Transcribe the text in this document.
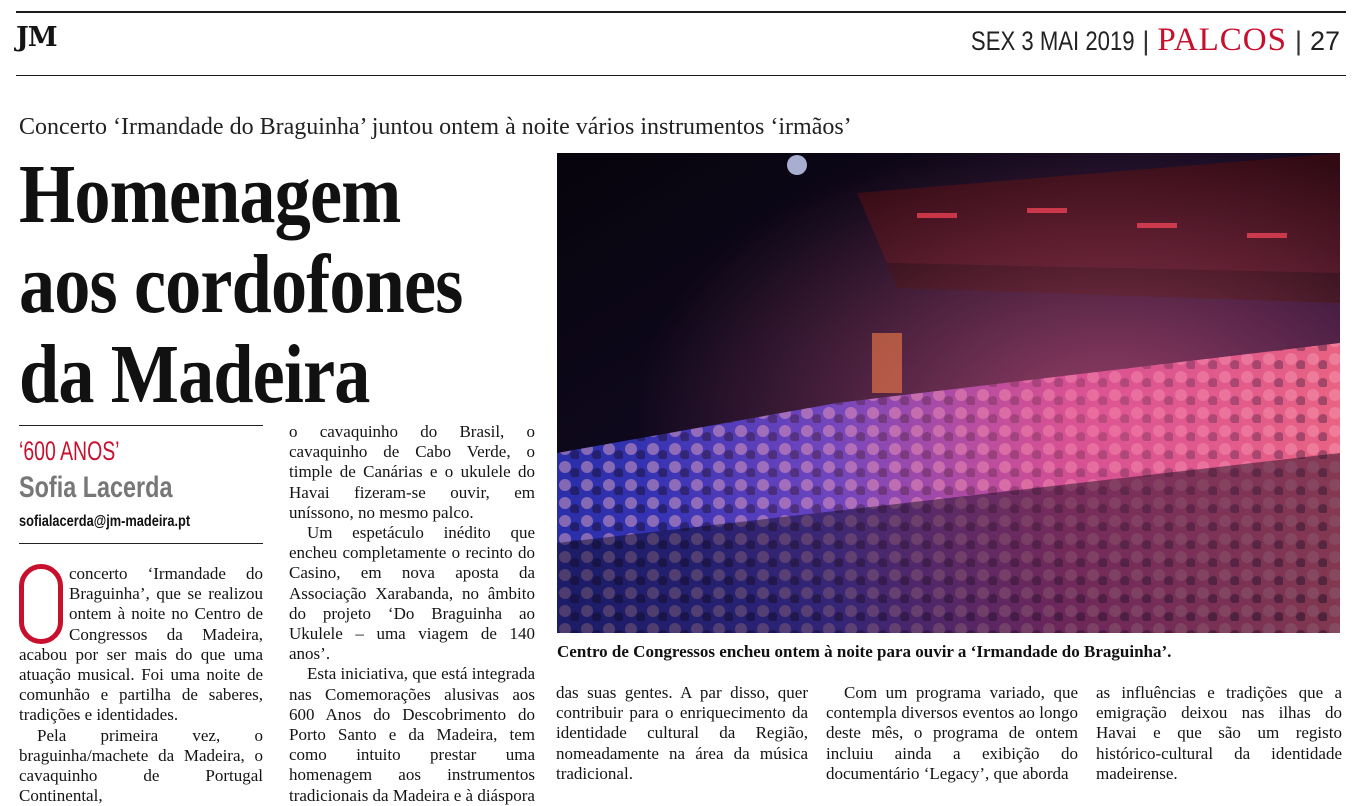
JM	SEX 3 MAI 2019 | PALCOS | 27
Concerto ‘Irmandade do Braguinha’ juntou ontem à noite vários instrumentos ‘irmãos’
Homenagem
aos cordofones
da Madeira
‘600 ANOS’
Sofia Lacerda
sofialacerda@jm-madeira.pt

concerto ‘Irmandade do Braguinha’, que se realizou ontem à noite no Centro de Congressos da Madeira, acabou por ser mais do que uma atuação musical. Foi uma noite de comunhão e partilha de saberes, tradições e identidades.

Pela primeira vez, o braguinha/machete da Madeira, o cavaquinho de Portugal Continental,

o cavaquinho do Brasil, o cavaquinho de Cabo Verde, o timple de Canárias e o ukulele do Havai fizeram-se ouvir, em uníssono, no mesmo palco.

Um espetáculo inédito que encheu completamente o recinto do Casino, em nova aposta da Associação Xarabanda, no âmbito do projeto ‘Do Braguinha ao Ukulele – uma viagem de 140 anos’.

Esta iniciativa, que está integrada nas Comemorações alusivas aos 600 Anos do Descobrimento do Porto Santo e da Madeira, tem como intuito prestar uma homenagem aos instrumentos tradicionais da Madeira e à diáspora

Centro de Congressos encheu ontem à noite para ouvir a ‘Irmandade do Braguinha’.

das suas gentes. A par disso, quer contribuir para o enriquecimento da identidade cultural da Região, nomeadamente na área da música tradicional.

Com um programa variado, que contempla diversos eventos ao longo deste mês, o programa de ontem incluiu ainda a exibição do documentário ‘Legacy’, que aborda

as influências e tradições que a emigração deixou nas ilhas do Havai e que são um registo histórico-cultural da identidade madeirense.
